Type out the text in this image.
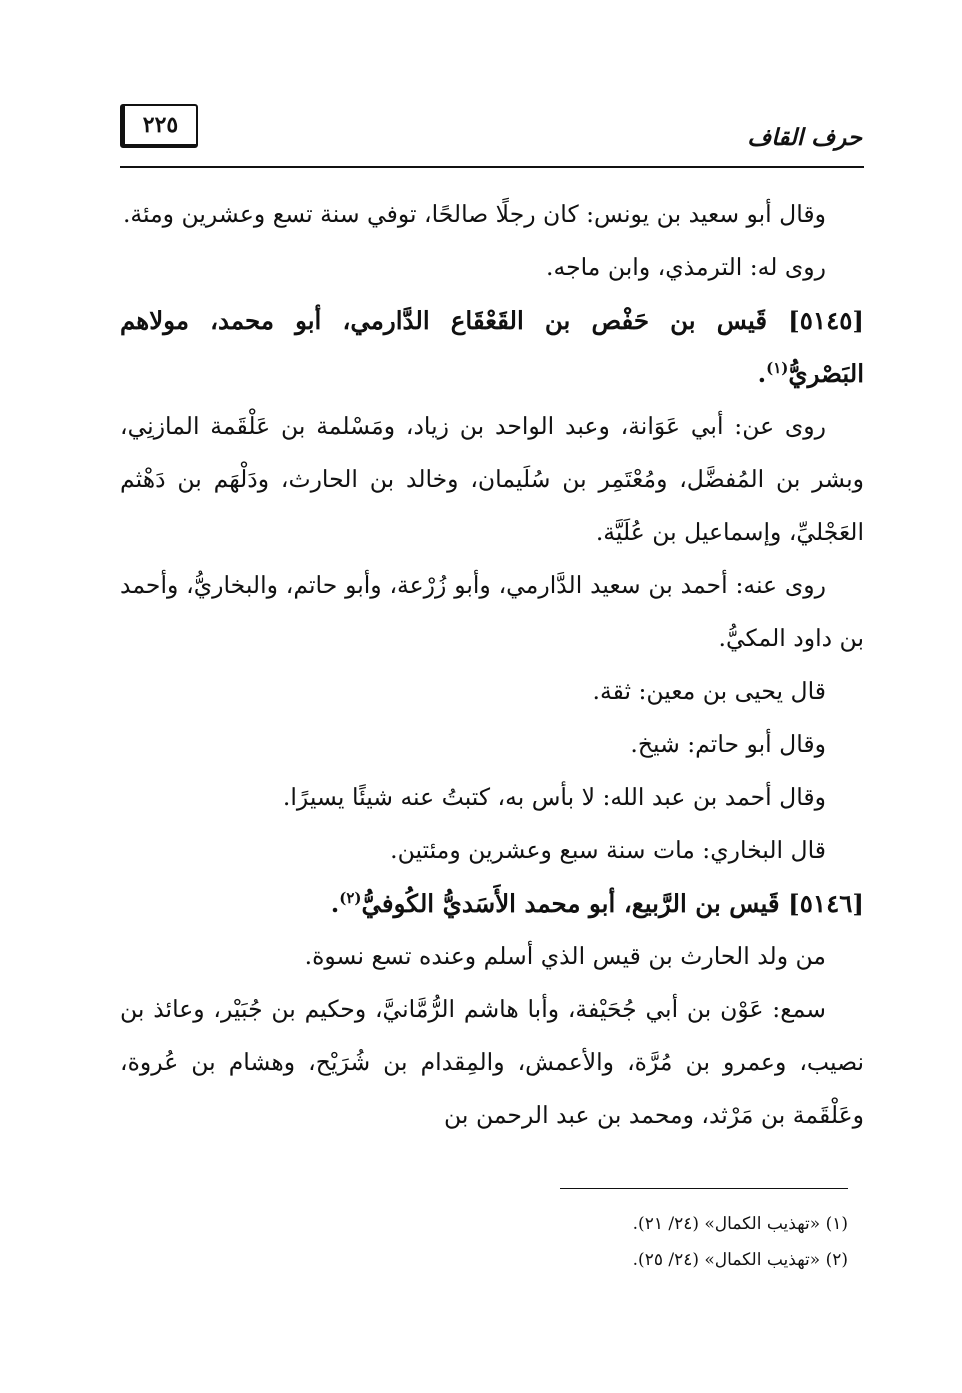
٢٢٥	حرف القاف

وقال أبو سعيد بن يونس: كان رجلًا صالحًا، توفي سنة تسع وعشرين ومئة.

روى له: الترمذي، وابن ماجه.

[٥١٤٥] قَيس بن حَفْص بن القَعْقَاع الدَّارمي، أبو محمد، مولاهم البَصْريُّ$^{(١)}$.

روى عن: أبي عَوَانة، وعبد الواحد بن زياد، ومَسْلمة بن عَلْقَمة المازنِي، وبشر بن المُفضَّل، ومُعْتَمِر بن سُلَيمان، وخالد بن الحارث، ودَلْهَم بن دَهْثم العَجْليِّ، وإسماعيل بن عُلَيَّة.

روى عنه: أحمد بن سعيد الدَّارمي، وأبو زُرْعة، وأبو حاتم، والبخاريُّ، وأحمد بن داود المكيُّ.

قال يحيى بن معين: ثقة.

وقال أبو حاتم: شيخ.

وقال أحمد بن عبد الله: لا بأس به، كتبتُ عنه شيئًا يسيرًا.

قال البخاري: مات سنة سبع وعشرين ومئتين.

[٥١٤٦] قَيس بن الرَّبيع، أبو محمد الأَسَديُّ الكُوفيُّ$^{(٢)}$.

من ولد الحارث بن قيس الذي أسلم وعنده تسع نسوة.

سمع: عَوْن بن أبي جُحَيْفة، وأبا هاشم الرُّمَّانيَّ، وحكيم بن جُبَيْر، وعائذ بن نصيب، وعمرو بن مُرَّة، والأعمش، والمِقدام بن شُرَيْح، وهشام بن عُروة، وعَلْقَمة بن مَرْثد، ومحمد بن عبد الرحمن بن

(١) «تهذيب الكمال» (٢٤/ ٢١).
(٢) «تهذيب الكمال» (٢٤/ ٢٥).
